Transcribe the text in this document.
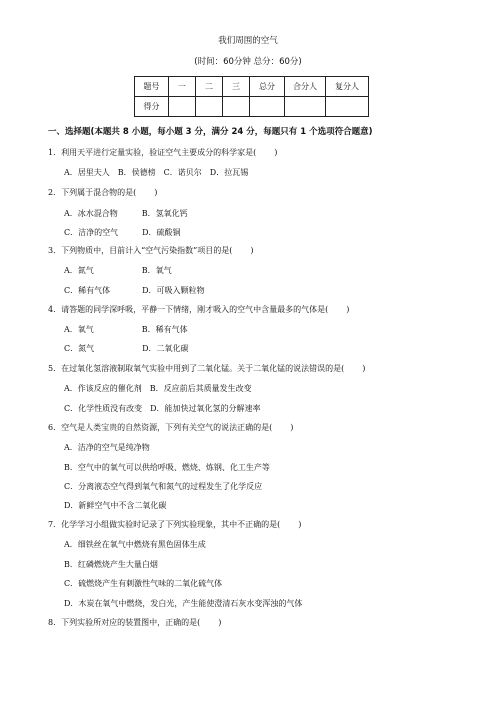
我们周围的空气
(时间：60分钟 总分：60分)
题号	一	二	三	总分	合分人	复分人
得分						
一、选择题(本题共 8 小题，每小题 3 分，满分 24 分，每题只有 1 个选项符合题意)
1．利用天平进行定量实验，验证空气主要成分的科学家是( )
A．居里夫人　B．侯德榜　C．诺贝尔　D．拉瓦锡
2．下列属于混合物的是( )
A．冰水混合物　　　B．氢氧化钙
C．洁净的空气　　　D．硫酸铜
3．下列物质中，目前计入“空气污染指数”项目的是( )
A．氮气　　　　　　B．氧气
C．稀有气体　　　　D．可吸入颗粒物
4．请答题的同学深呼吸，平静一下情绪，刚才吸入的空气中含量最多的气体是( )
A．氧气　　　　　　B．稀有气体
C．氮气　　　　　　D．二氧化碳
5．在过氧化氢溶液制取氧气实验中用到了二氧化锰。关于二氧化锰的说法错误的是( )
A．作该反应的催化剂　B．反应前后其质量发生改变
C．化学性质没有改变　D．能加快过氧化氢的分解速率
6．空气是人类宝贵的自然资源，下列有关空气的说法正确的是( )
A．洁净的空气是纯净物
B．空气中的氧气可以供给呼吸、燃烧、炼钢、化工生产等
C．分离液态空气得到氧气和氮气的过程发生了化学反应
D．新鲜空气中不含二氧化碳
7．化学学习小组做实验时记录了下列实验现象，其中不正确的是( )
A．细铁丝在氧气中燃烧有黑色固体生成
B．红磷燃烧产生大量白烟
C．硫燃烧产生有刺激性气味的二氧化硫气体
D．木炭在氧气中燃烧，发白光，产生能使澄清石灰水变浑浊的气体
8．下列实验所对应的装置图中，正确的是( )
